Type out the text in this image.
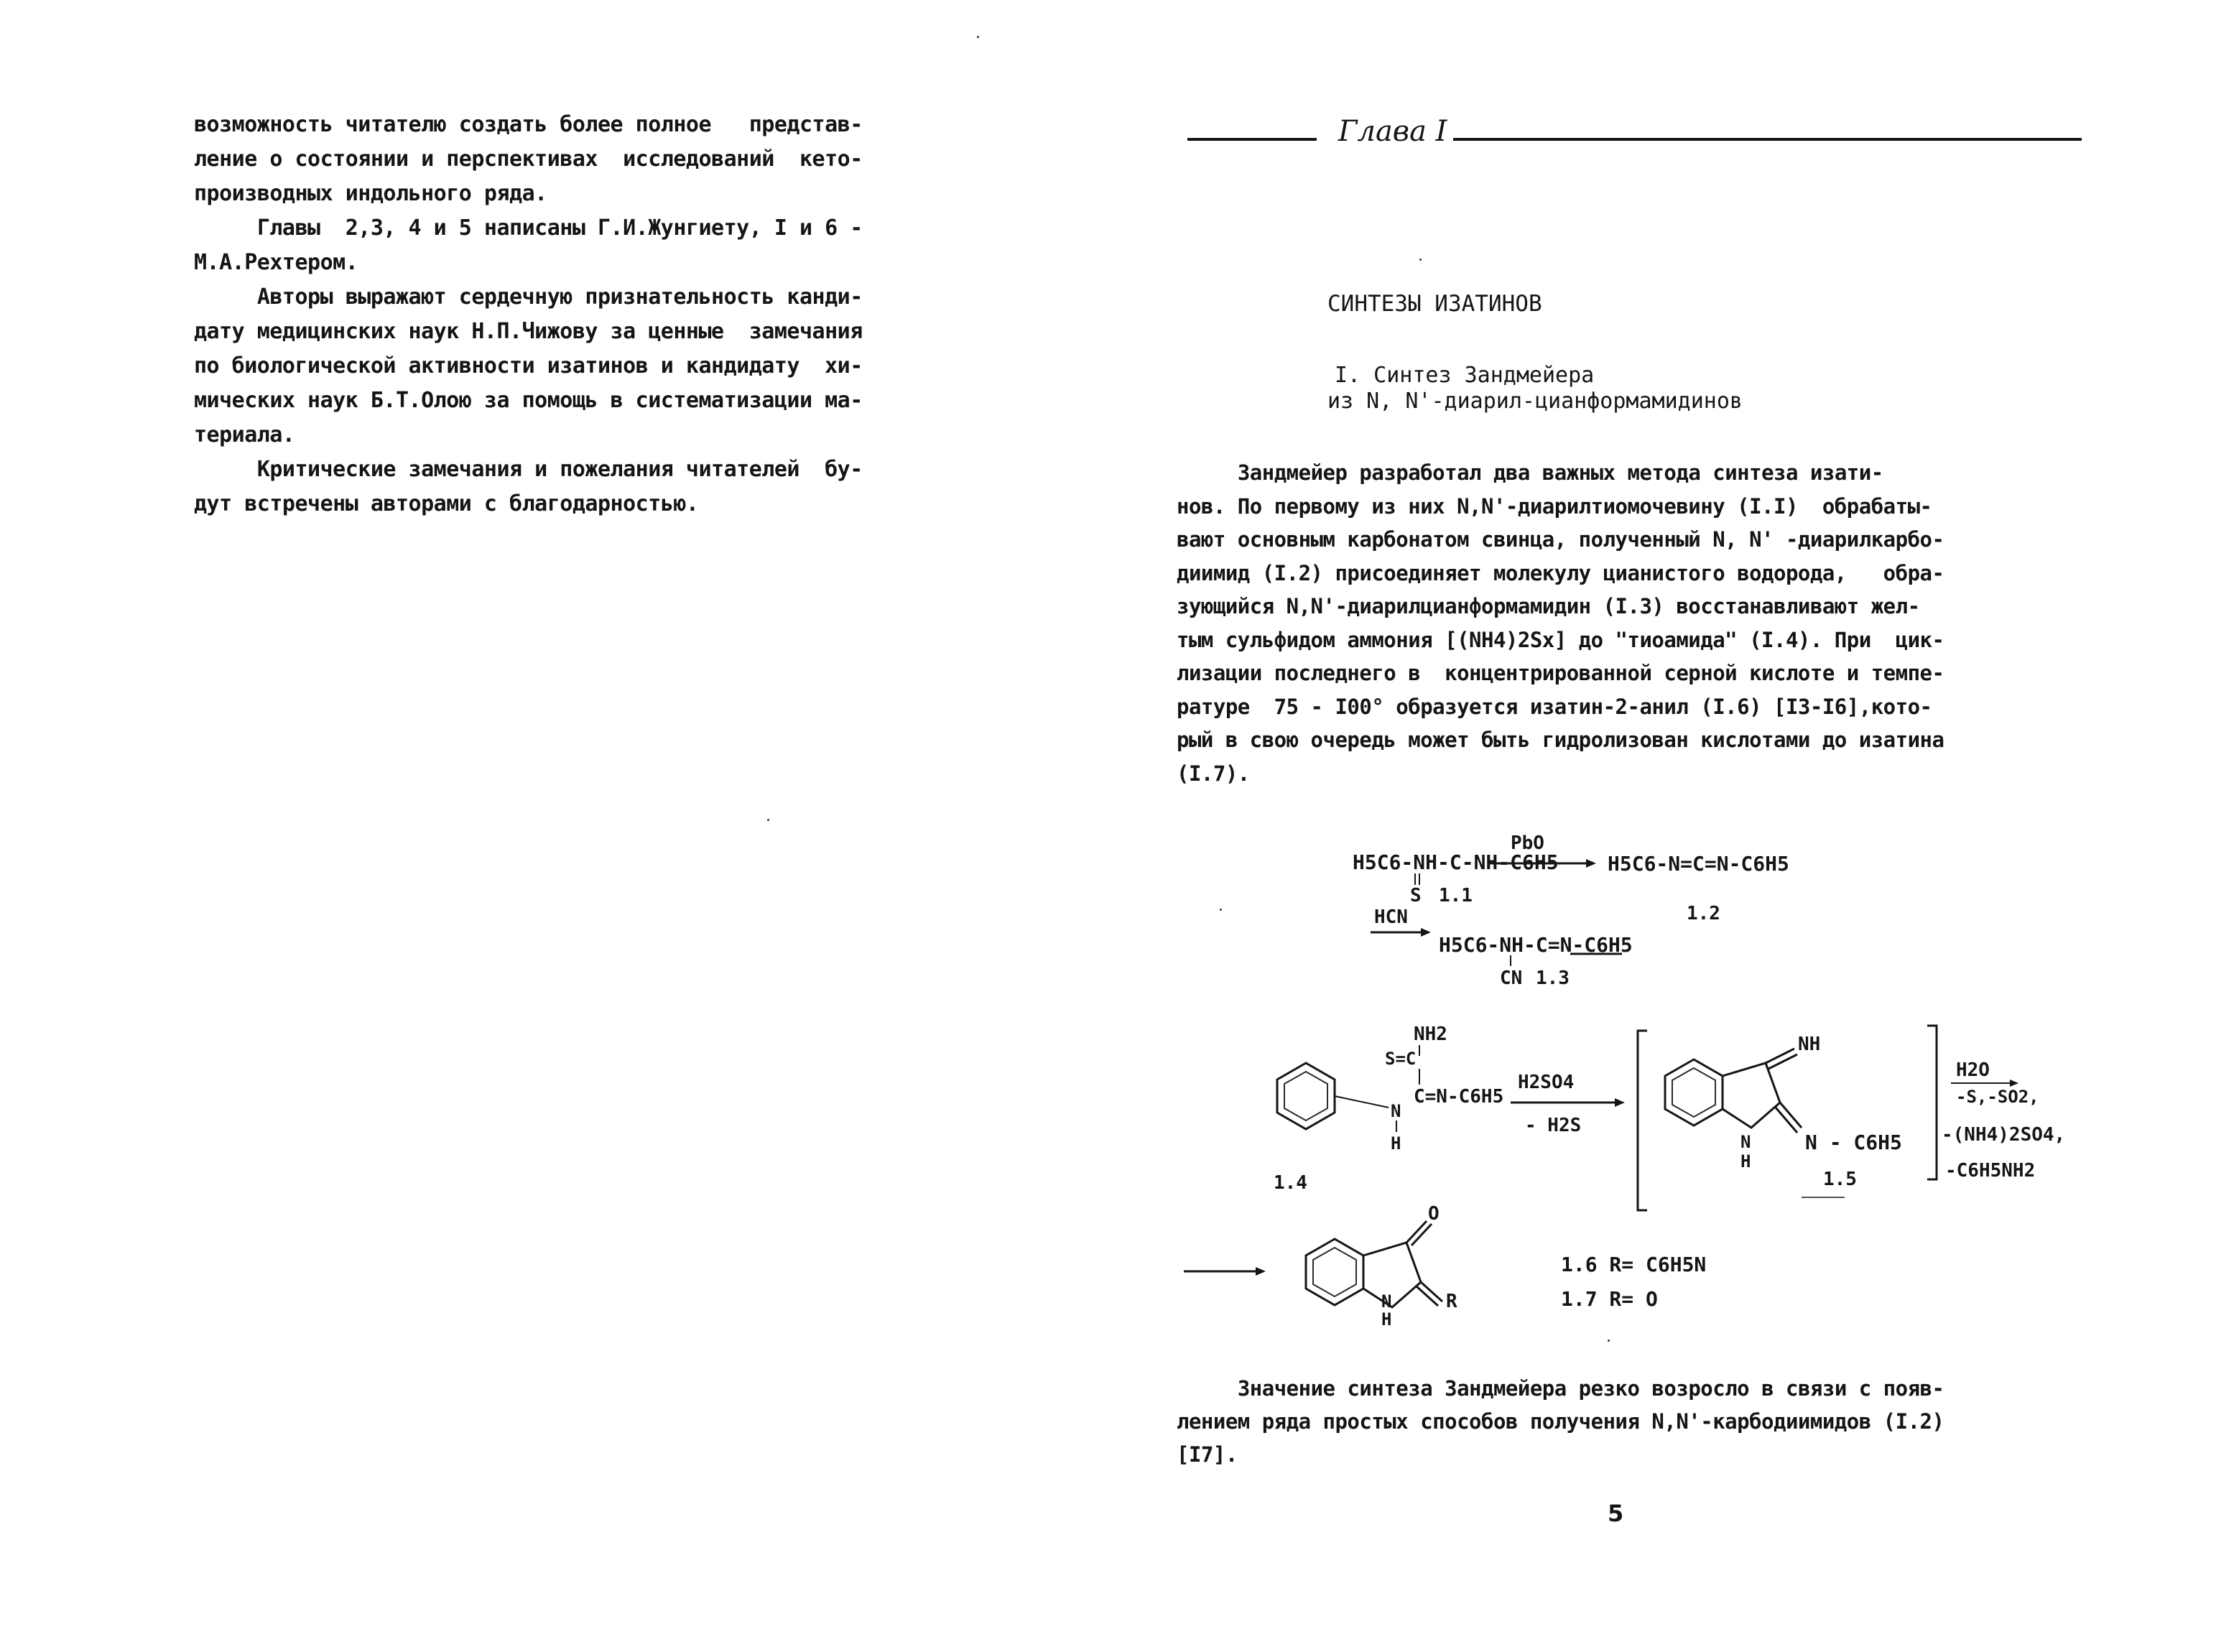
возможность читателю создать более полное   представ-
ление о состоянии и перспективах  исследований  кето-
производных индольного ряда.
Главы  2,3, 4 и 5 написаны Г.И.Жунгиету, I и 6 -
М.А.Рехтером.
Авторы выражают сердечную признательность канди-
дату медицинских наук Н.П.Чижову за ценные  замечания
по биологической активности изатинов и кандидату  хи-
мических наук Б.Т.Олою за помощь в систематизации ма-
териала.
Критические замечания и пожелания читателей  бу-
дут встречены авторами с благодарностью.
Глава I
СИНТЕЗЫ ИЗАТИНОВ
I. Синтез Зандмейера
из N, N'-диарил-цианформамидинов
Зандмейер разработал два важных метода синтеза изати-
нов. По первому из них N,N'-диарилтиомочевину (I.I)  обрабаты-
вают основным карбонатом свинца, полученный N, N' -диарилкарбо-
диимид (I.2) присоединяет молекулу цианистого водорода,   обра-
зующийся N,N'-диарилцианформамидин (I.3) восстанавливают жел-
тым сульфидом аммония [(NH4)2Sx] до "тиоамида" (I.4). При  цик-
лизации последнего в  концентрированной серной кислоте и темпе-
ратуре  75 - I00° образуется изатин-2-анил (I.6) [I3-I6],кото-
рый в свою очередь может быть гидролизован кислотами до изатина
(I.7).
H5C6-NH-C-NH-C6H5
S 1.1
PbO
H5C6-N=C=N-C6H5
1.2
HCN
H5C6-NH-C=N-C6H5
CN 1.3
NH2
S=C
C=N-C6H5
N
H
1.4
H2SO4
- H2S
NH
N
H
N - C6H5
1.5
H2O
-S,-SO2,
-(NH4)2SO4,
-C6H5NH2
O
R
N
H
1.6 R= C6H5N
1.7 R= O
Значение синтеза Зандмейера резко возросло в связи с появ-
лением ряда простых способов получения N,N'-карбодиимидов (I.2)
[I7].
5
